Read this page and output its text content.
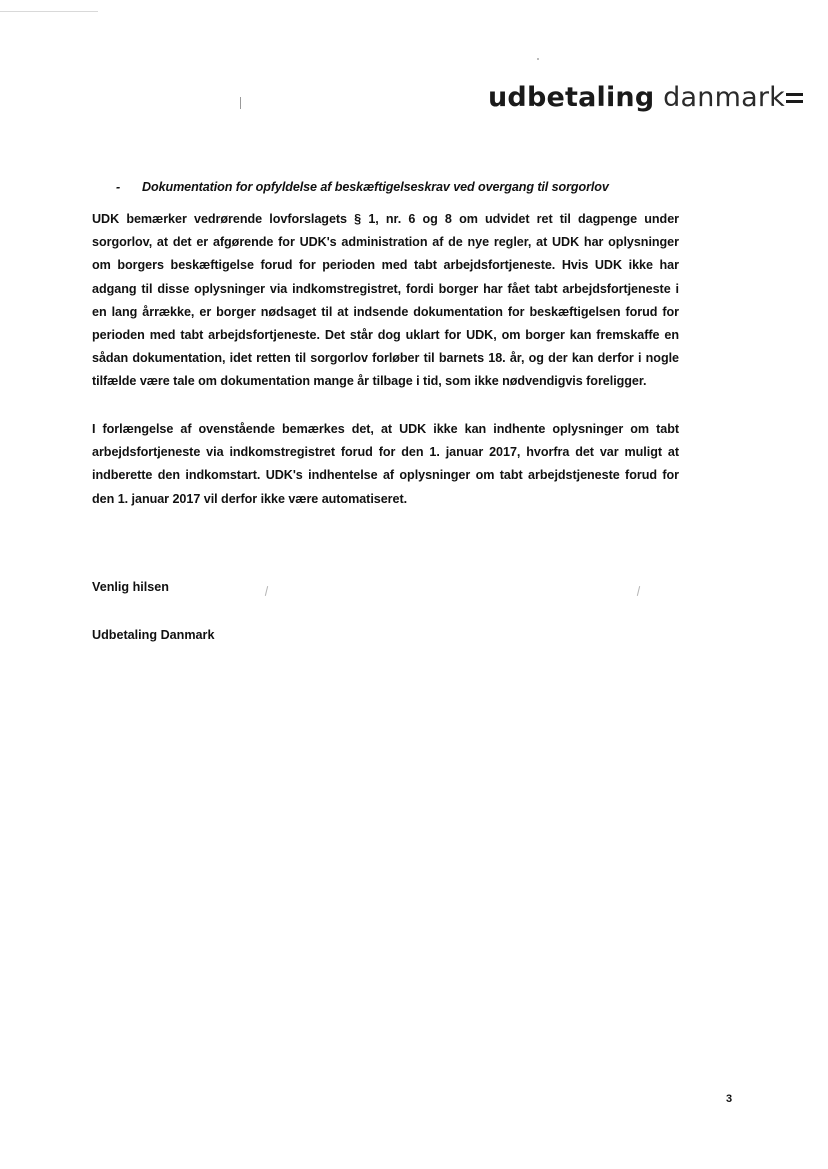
udbetaling danmark
- Dokumentation for opfyldelse af beskæftigelseskrav ved overgang til sorgorlov

UDK bemærker vedrørende lovforslagets § 1, nr. 6 og 8 om udvidet ret til dagpenge under sorgorlov, at det er afgørende for UDK's administration af de nye regler, at UDK har oplysninger om borgers beskæftigelse forud for perioden med tabt arbejdsfortjeneste. Hvis UDK ikke har adgang til disse oplysninger via indkomstregistret, fordi borger har fået tabt arbejdsfortjeneste i en lang årrække, er borger nødsaget til at indsende dokumentation for beskæftigelsen forud for perioden med tabt arbejdsfortjeneste. Det står dog uklart for UDK, om borger kan fremskaffe en sådan dokumentation, idet retten til sorgorlov forløber til barnets 18. år, og der kan derfor i nogle tilfælde være tale om dokumentation mange år tilbage i tid, som ikke nødvendigvis foreligger.

I forlængelse af ovenstående bemærkes det, at UDK ikke kan indhente oplysninger om tabt arbejdsfortjeneste via indkomstregistret forud for den 1. januar 2017, hvorfra det var muligt at indberette den indkomstart. UDK's indhentelse af oplysninger om tabt arbejdstjeneste forud for den 1. januar 2017 vil derfor ikke være automatiseret.

Venlig hilsen
Udbetaling Danmark
3
